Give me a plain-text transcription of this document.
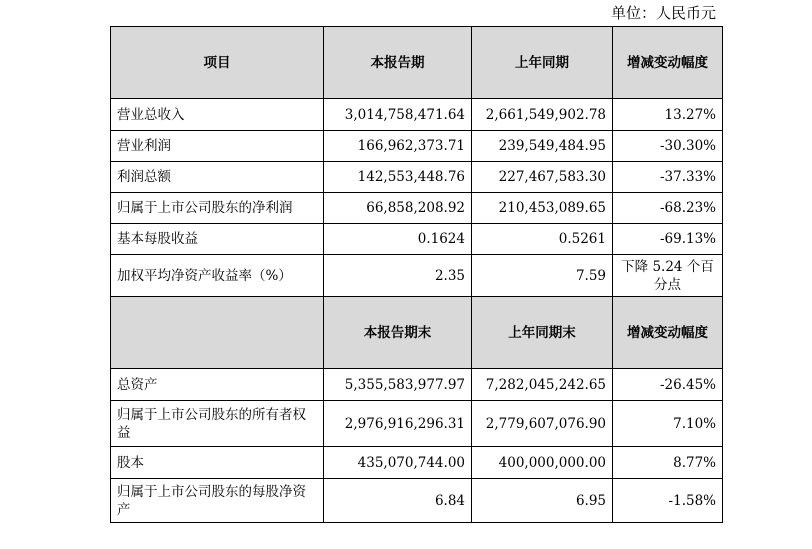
单位：人民币元
项目	本报告期	上年同期	增减变动幅度
营业总收入	3,014,758,471.64	2,661,549,902.78	13.27%
营业利润	166,962,373.71	239,549,484.95	-30.30%
利润总额	142,553,448.76	227,467,583.30	-37.33%
归属于上市公司股东的净利润	66,858,208.92	210,453,089.65	-68.23%
基本每股收益	0.1624	0.5261	-69.13%
加权平均净资产收益率（%）	2.35	7.59	下降 5.24 个百分点
	本报告期末	上年同期末	增减变动幅度
总资产	5,355,583,977.97	7,282,045,242.65	-26.45%
归属于上市公司股东的所有者权益	2,976,916,296.31	2,779,607,076.90	7.10%
股本	435,070,744.00	400,000,000.00	8.77%
归属于上市公司股东的每股净资产	6.84	6.95	-1.58%
